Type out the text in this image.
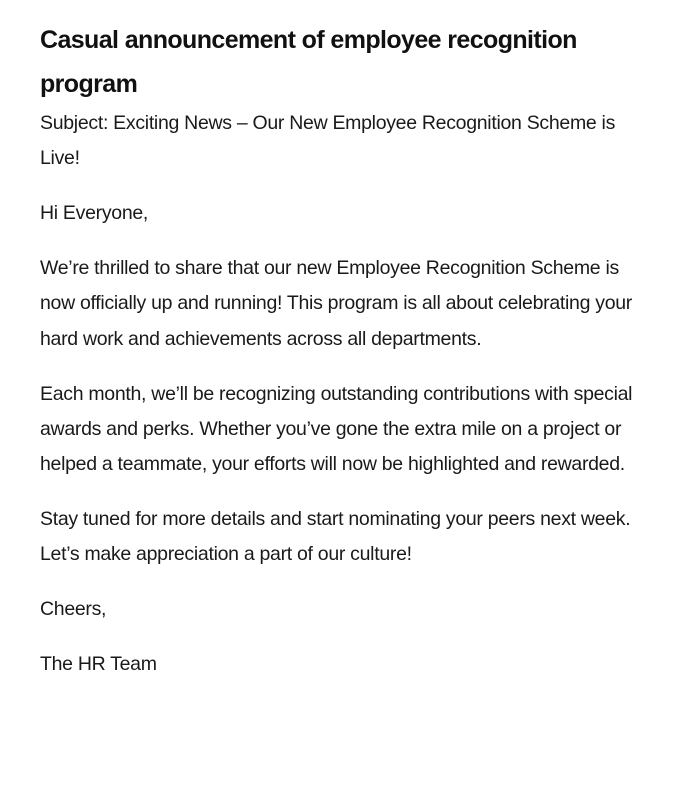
Casual announcement of employee recognition program

Subject: Exciting News – Our New Employee Recognition Scheme is Live!

Hi Everyone,

We’re thrilled to share that our new Employee Recognition Scheme is now officially up and running! This program is all about celebrating your hard work and achievements across all departments.

Each month, we’ll be recognizing outstanding contributions with special awards and perks. Whether you’ve gone the extra mile on a project or helped a teammate, your efforts will now be highlighted and rewarded.

Stay tuned for more details and start nominating your peers next week. Let’s make appreciation a part of our culture!

Cheers,

The HR Team
